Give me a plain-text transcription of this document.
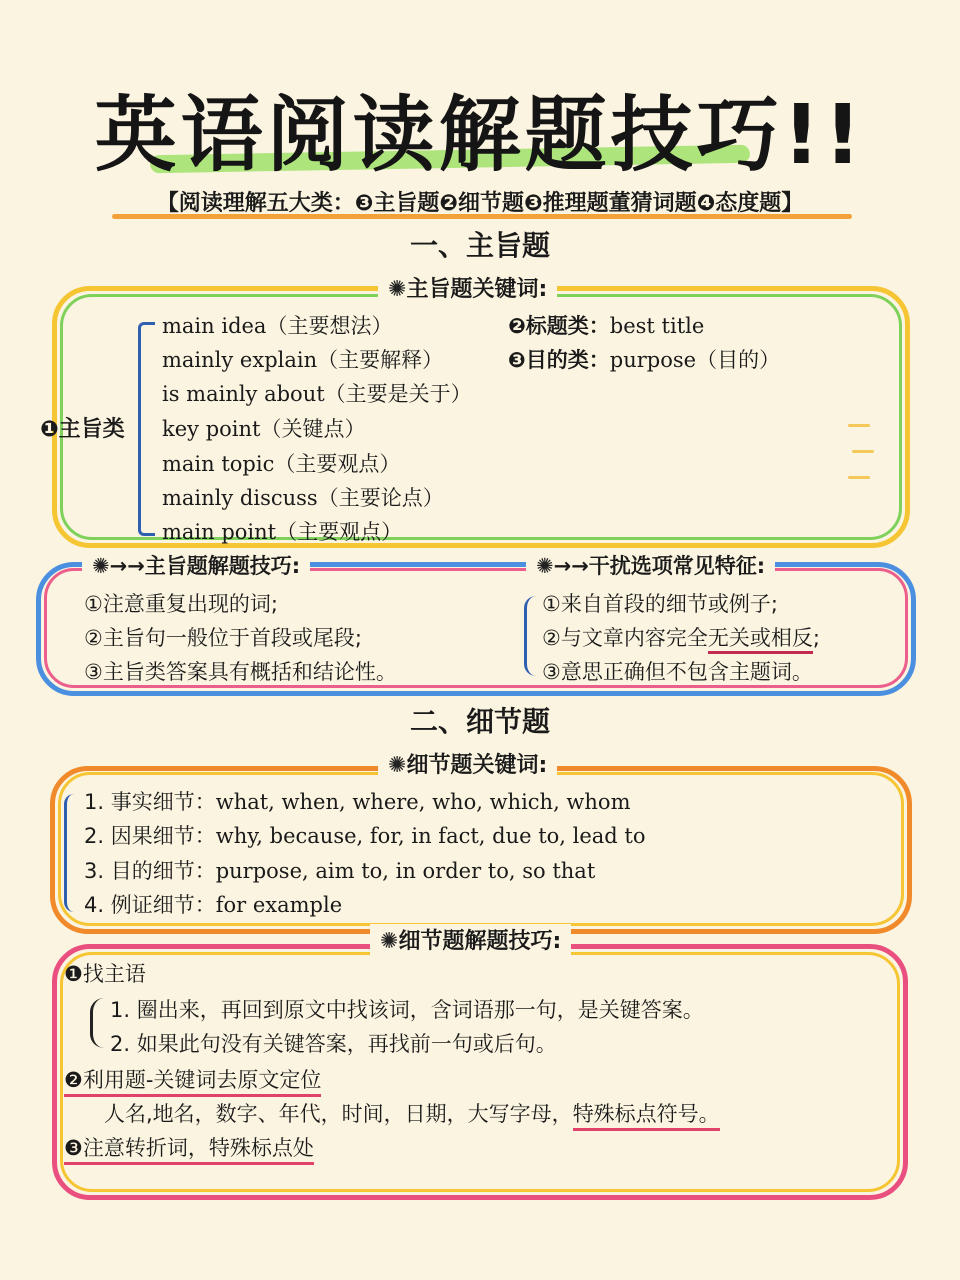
英语阅读解题技巧!!
【阅读理解五大类：❸主旨题❷细节题❸推理题董猜词题❹态度题】
一、主旨题
✺主旨题关键词:
❶主旨类
main idea（主要想法）
mainly explain（主要解释）
is mainly about（主要是关于）
key point（关键点）
main topic（主要观点）
mainly discuss（主要论点）
main point（主要观点）
❷标题类：best title
❸目的类：purpose（目的）
✺→→主旨题解题技巧:	✺→→干扰选项常见特征:
①注意重复出现的词;
②主旨句一般位于首段或尾段;
③主旨类答案具有概括和结论性。
①来自首段的细节或例子;
②与文章内容完全无关或相反;
③意思正确但不包含主题词。
二、细节题
✺细节题关键词:
1. 事实细节：what, when, where, who, which, whom
2. 因果细节：why, because, for, in fact, due to, lead to
3. 目的细节：purpose, aim to, in order to, so that
4. 例证细节：for example
✺细节题解题技巧:
❶找主语
1. 圈出来，再回到原文中找该词，含词语那一句，是关键答案。
2. 如果此句没有关键答案，再找前一句或后句。
❷利用题-关键词去原文定位
人名,地名，数字、年代，时间，日期，大写字母，特殊标点符号。
❸注意转折词，特殊标点处
